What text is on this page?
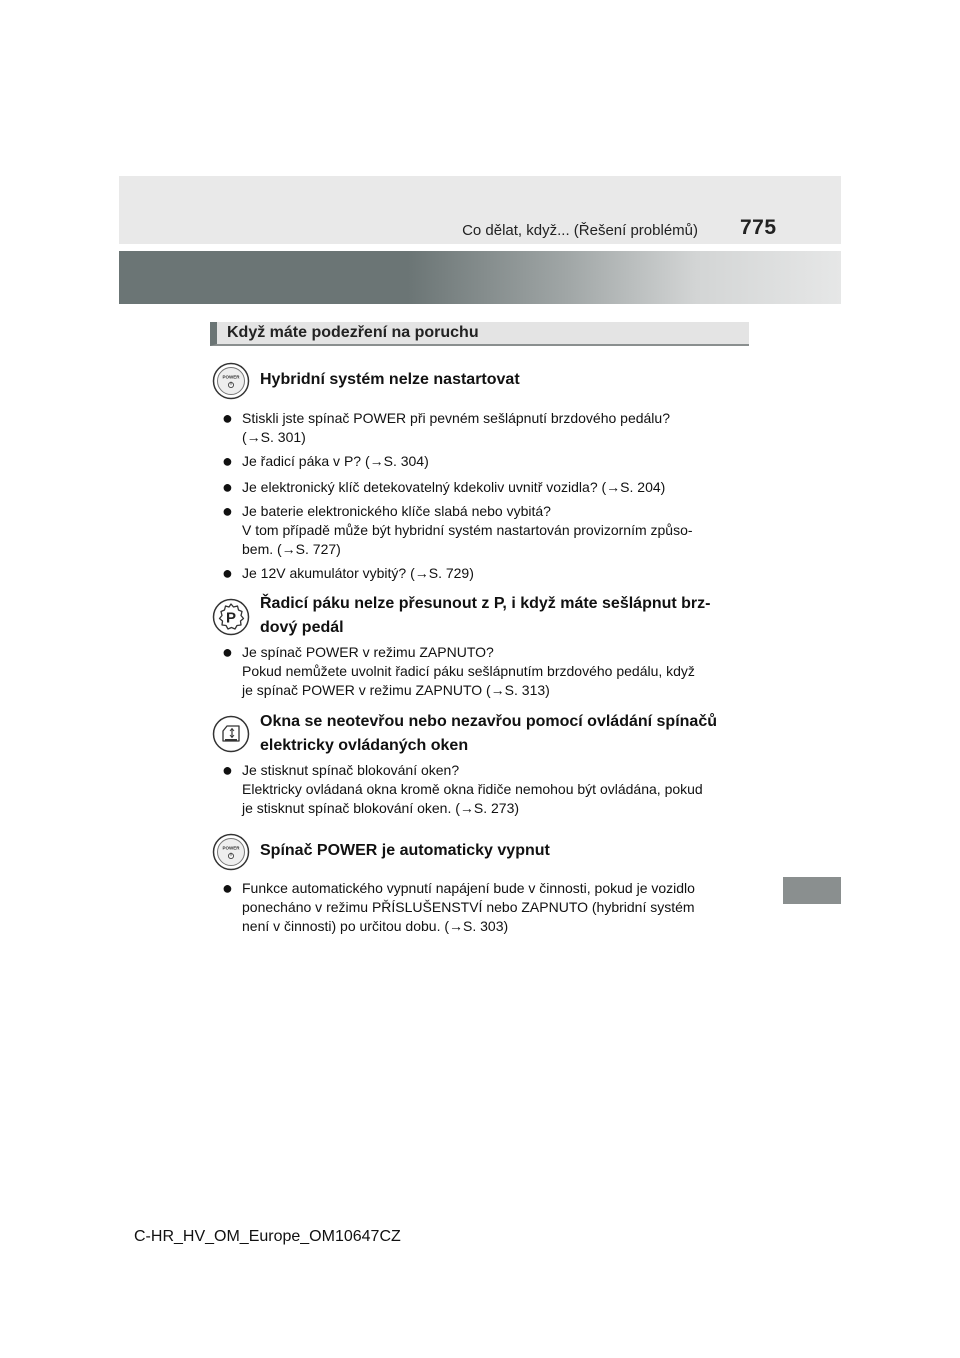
Co dělat, když... (Řešení problémů) 775
Když máte podezření na poruchu
POWER Hybridní systém nelze nastartovat
● Stiskli jste spínač POWER při pevném sešlápnutí brzdového pedálu?
(→S. 301)
● Je řadicí páka v P? (→S. 304)
● Je elektronický klíč detekovatelný kdekoliv uvnitř vozidla? (→S. 204)
● Je baterie elektronického klíče slabá nebo vybitá?
V tom případě může být hybridní systém nastartován provizorním způso-
bem. (→S. 727)
● Je 12V akumulátor vybitý? (→S. 729)
P
Řadicí páku nelze přesunout z P, i když máte sešlápnut brz-
dový pedál
● Je spínač POWER v režimu ZAPNUTO?
Pokud nemůžete uvolnit řadicí páku sešlápnutím brzdového pedálu, když
je spínač POWER v režimu ZAPNUTO (→S. 313)
Okna se neotevřou nebo nezavřou pomocí ovládání spínačů
elektricky ovládaných oken
● Je stisknut spínač blokování oken?
Elektricky ovládaná okna kromě okna řidiče nemohou být ovládána, pokud
je stisknut spínač blokování oken. (→S. 273)
POWER Spínač POWER je automaticky vypnut
● Funkce automatického vypnutí napájení bude v činnosti, pokud je vozidlo
ponecháno v režimu PŘÍSLUŠENSTVÍ nebo ZAPNUTO (hybridní systém
není v činnosti) po určitou dobu. (→S. 303)
C-HR_HV_OM_Europe_OM10647CZ
